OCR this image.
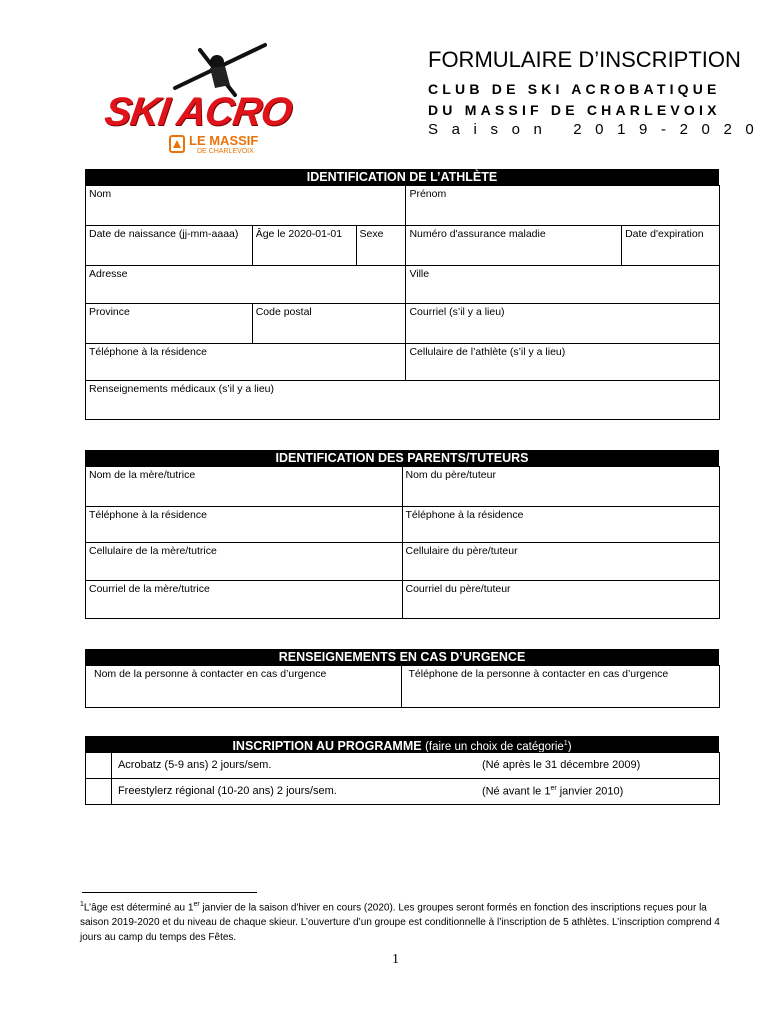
SKI ACRO
LE MASSIF
DE CHARLEVOIX
FORMULAIRE D’INSCRIPTION
CLUB DE SKI ACROBATIQUE
DU MASSIF DE CHARLEVOIX
Saison 2019-2020
IDENTIFICATION DE L’ATHLÈTE
Nom			Prénom	

Date de naissance (jj-mm-aaaa)	Âge le 2020-01-01	Sexe	Numéro d'assurance maladie	Date d'expiration

Adresse			Ville	

Province	Code postal		Courriel (s’il y a lieu)	

Téléphone à la résidence			Cellulaire de l’athlète (s’il y a lieu)	

Renseignements médicaux (s’il y a lieu)				
IDENTIFICATION DES PARENTS/TUTEURS
Nom de la mère/tutrice	Nom du père/tuteur

Téléphone à la résidence	Téléphone à la résidence

Cellulaire de la mère/tutrice	Cellulaire du père/tuteur

Courriel de la mère/tutrice	Courriel du père/tuteur
RENSEIGNEMENTS EN CAS D’URGENCE
Nom de la personne à contacter en cas d’urgence	Téléphone de la personne à contacter en cas d’urgence
INSCRIPTION AU PROGRAMME (faire un choix de catégorie$^1$)
	Acrobatz (5-9 ans) 2 jours/sem. (Né après le 31 décembre 2009)

	Freestylerz régional (10-20 ans) 2 jours/sem. (Né avant le 1er janvier 2010)
$^1$L’âge est déterminé au 1er janvier de la saison d'hiver en cours (2020). Les groupes seront formés en fonction des inscriptions reçues pour la saison 2019-2020 et du niveau de chaque skieur. L’ouverture d’un groupe est conditionnelle à l’inscription de 5 athlètes. L’inscription comprend 4 jours au camp du temps des Fêtes.
1
